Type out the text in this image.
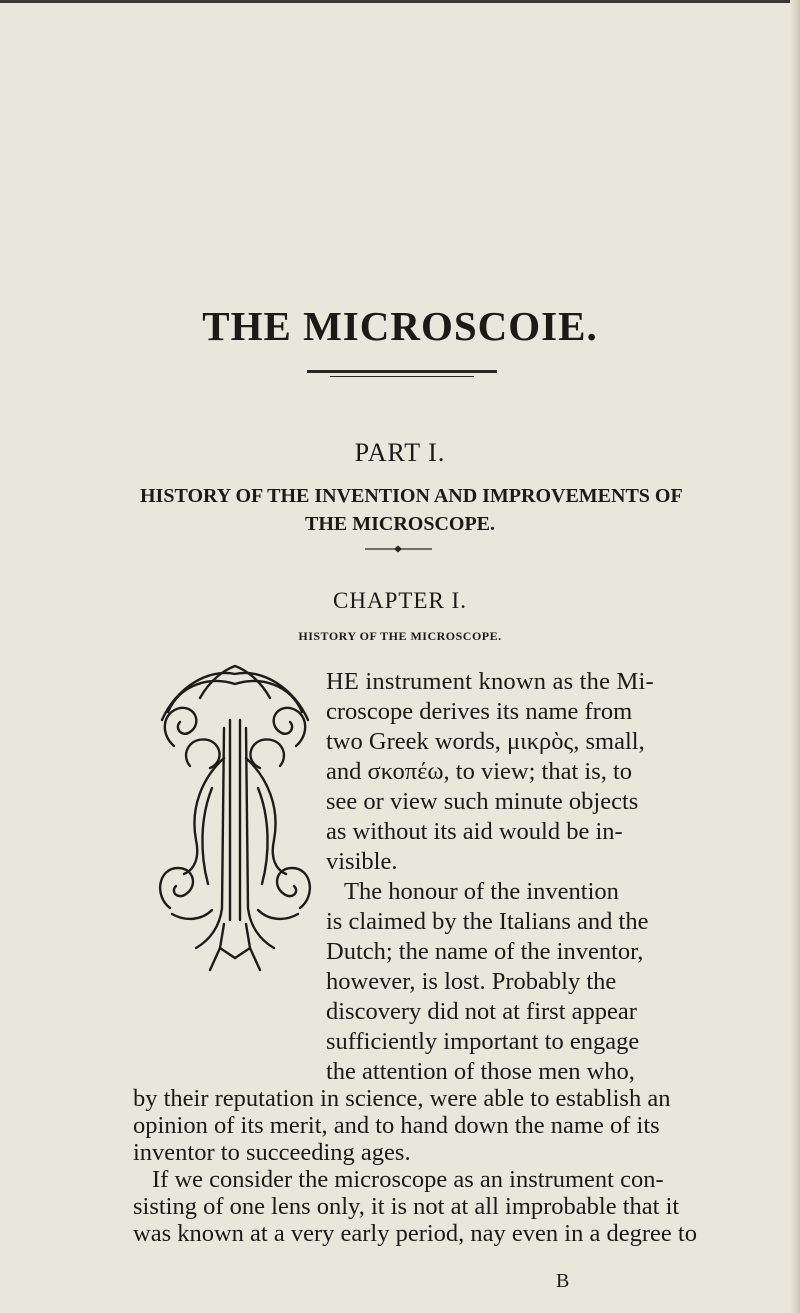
THE MICROSCOIE.
PART I.
HISTORY OF THE INVENTION AND IMPROVEMENTS OF
THE MICROSCOPE.
CHAPTER I.
HISTORY OF THE MICROSCOPE.
HE instrument known as the Mi-
croscope derives its name from
two Greek words, μικρὸς, small,
and σκοπέω, to view; that is, to
see or view such minute objects
as without its aid would be in-
visible.
The honour of the invention
is claimed by the Italians and the
Dutch; the name of the inventor,
however, is lost. Probably the
discovery did not at first appear
sufficiently important to engage
the attention of those men who,
by their reputation in science, were able to establish an
opinion of its merit, and to hand down the name of its
inventor to succeeding ages.
If we consider the microscope as an instrument con-
sisting of one lens only, it is not at all improbable that it
was known at a very early period, nay even in a degree to
B
